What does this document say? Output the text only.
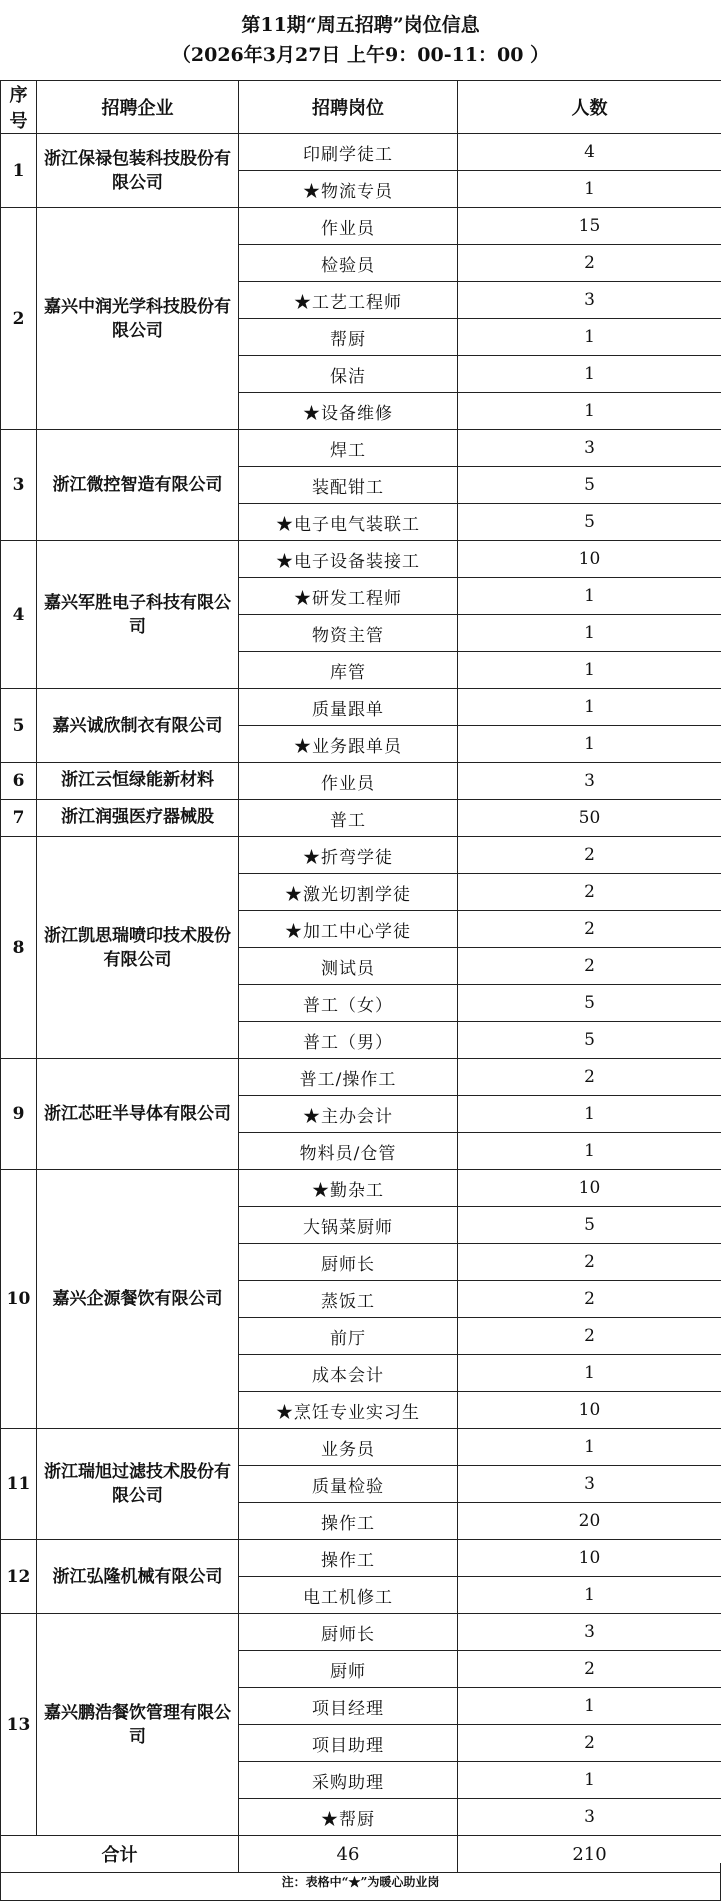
第11期“周五招聘”岗位信息
（2026年3月27日 上午9：00-11：00 ）
序号	招聘企业	招聘岗位	人数
1	浙江保禄包装科技股份有限公司	印刷学徒工	4
		★物流专员	1
2	嘉兴中润光学科技股份有限公司	作业员	15
		检验员	2
		★工艺工程师	3
		帮厨	1
		保洁	1
		★设备维修	1
3	浙江微控智造有限公司	焊工	3
		装配钳工	5
		★电子电气装联工	5
4	嘉兴军胜电子科技有限公司	★电子设备装接工	10
		★研发工程师	1
		物资主管	1
		库管	1
5	嘉兴诚欣制衣有限公司	质量跟单	1
		★业务跟单员	1
6	浙江云恒绿能新材料	作业员	3
7	浙江润强医疗器械股	普工	50
8	浙江凯思瑞喷印技术股份有限公司	★折弯学徒	2
		★激光切割学徒	2
		★加工中心学徒	2
		测试员	2
		普工（女）	5
		普工（男）	5
9	浙江芯旺半导体有限公司	普工/操作工	2
		★主办会计	1
		物料员/仓管	1
10	嘉兴企源餐饮有限公司	★勤杂工	10
		大锅菜厨师	5
		厨师长	2
		蒸饭工	2
		前厅	2
		成本会计	1
		★烹饪专业实习生	10
11	浙江瑞旭过滤技术股份有限公司	业务员	1
		质量检验	3
		操作工	20
12	浙江弘隆机械有限公司	操作工	10
		电工机修工	1
13	嘉兴鹏浩餐饮管理有限公司	厨师长	3
		厨师	2
		项目经理	1
		项目助理	2
		采购助理	1
		★帮厨	3
合计		46	210
注：表格中“★”为暖心助业岗
